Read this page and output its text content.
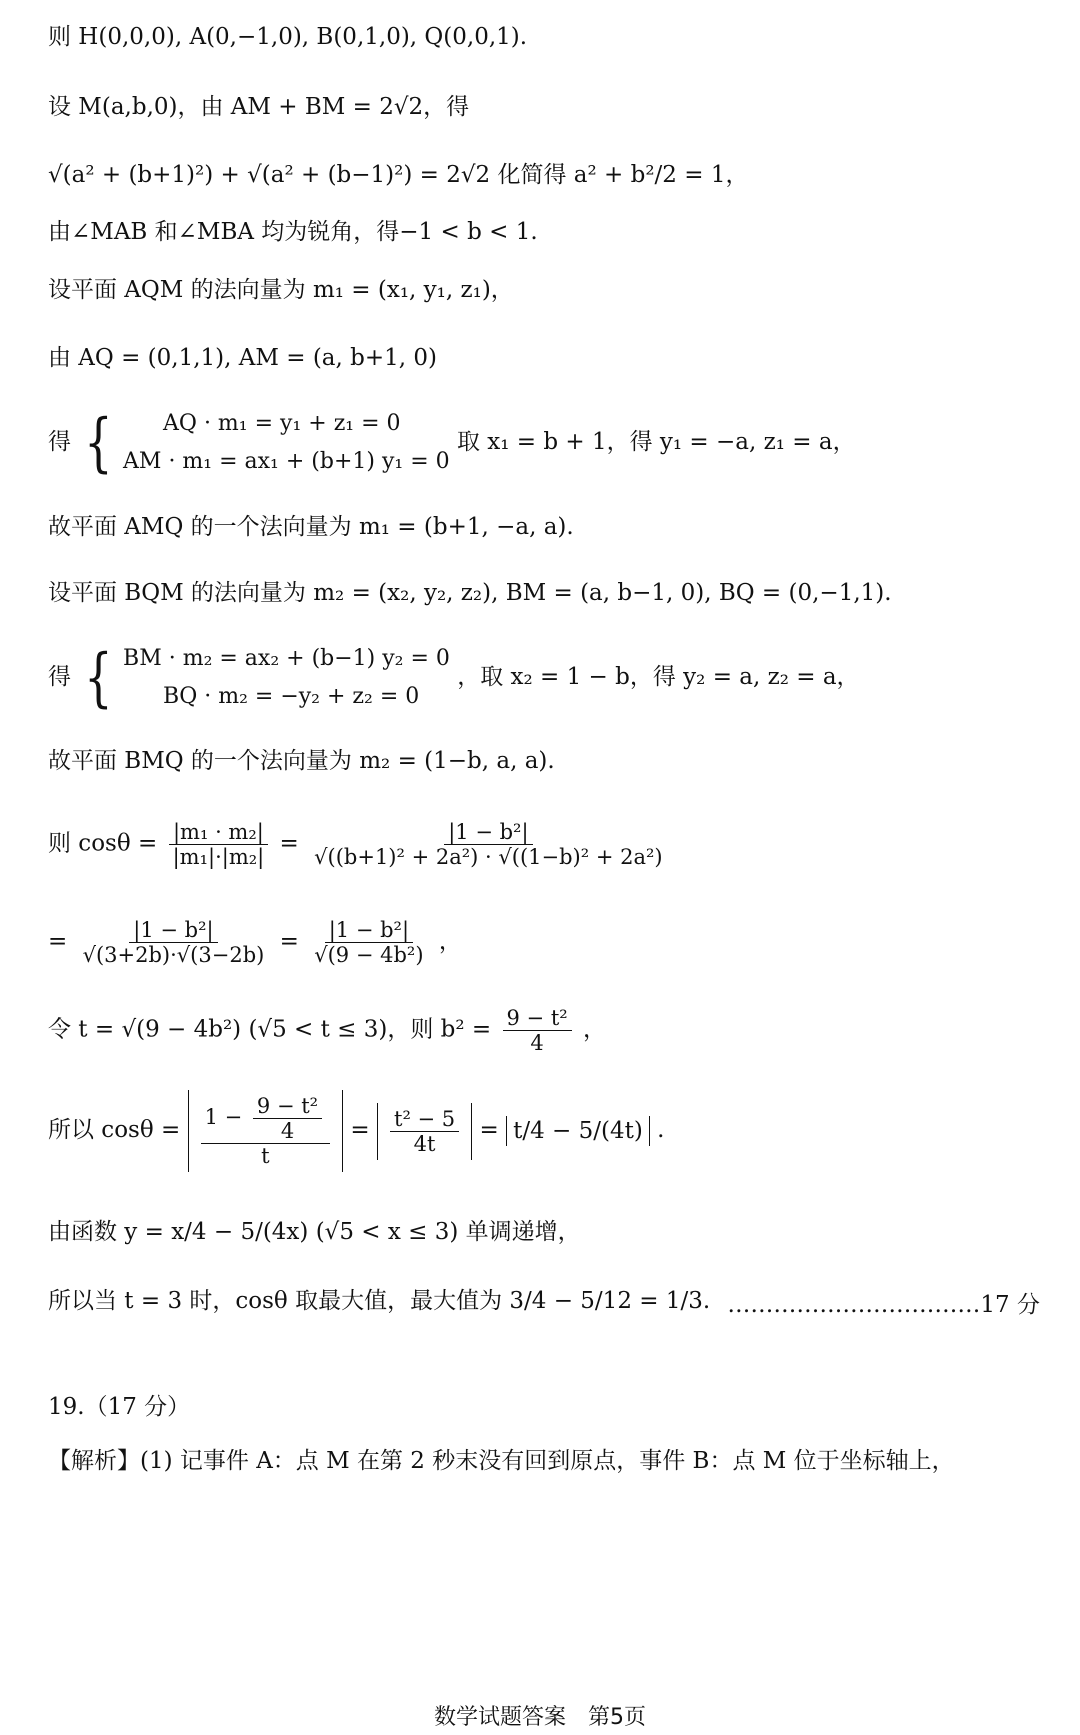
则 H(0,0,0), A(0,−1,0), B(0,1,0), Q(0,0,1).
设 M(a,b,0)，由 AM + BM = 2√2，得
√(a² + (b+1)²) + √(a² + (b−1)²) = 2√2 化简得 a² + b²/2 = 1，
由∠MAB 和∠MBA 均为锐角，得−1 < b < 1.
设平面 AQM 的法向量为 m₁ = (x₁, y₁, z₁)，
由 AQ = (0,1,1), AM = (a, b+1, 0)
得 {	AQ · m₁ = y₁ + z₁ = 0
AM · m₁ = ax₁ + (b+1) y₁ = 0
取 x₁ = b + 1，得 y₁ = −a, z₁ = a，
故平面 AMQ 的一个法向量为 m₁ = (b+1, −a, a).
设平面 BQM 的法向量为 m₂ = (x₂, y₂, z₂), BM = (a, b−1, 0), BQ = (0,−1,1).
得 { BM · m₂ = ax₂ + (b−1) y₂ = 0
BQ · m₂ = −y₂ + z₂ = 0
，取 x₂ = 1 − b，得 y₂ = a, z₂ = a，
故平面 BMQ 的一个法向量为 m₂ = (1−b, a, a).
则 $\cos\theta = \frac{\text{|m₁ · m₂|}}{\text{|m₁|·|m₂|}} = \frac{\text{|1 − b²|}}{\text{√((b+1)² + 2a²) · √((1−b)² + 2a²)}}$
= $\frac{\text{|1 − b²|}}{√(3+2b)\cdot√(3-2b)} = \frac{\text{|1 − b²|}}{\text{√(9 − 4b²)}}$ ，
令 t = √(9 − 4b²) (√5 < t ≤ 3)，则 $b^2 = \frac{\text{9 − t²}}{4}$ ，
所以 $\cos\theta = \frac{1 - \frac{\text{9 − t²}}{4}}{t} = \frac{\text{t² − 5}}{4t} = t/4 - 5/(4t)$ .
由函数 y = x/4 − 5/(4x) (√5 < x ≤ 3) 单调递增，
所以当 t = 3 时，cosθ 取最大值，最大值为 3/4 − 5/12 = 1/3. ……………………………17 分
19.（17 分）
【解析】(1) 记事件 A：点 M 在第 2 秒末没有回到原点，事件 B：点 M 位于坐标轴上，
数学试题答案　第5页
